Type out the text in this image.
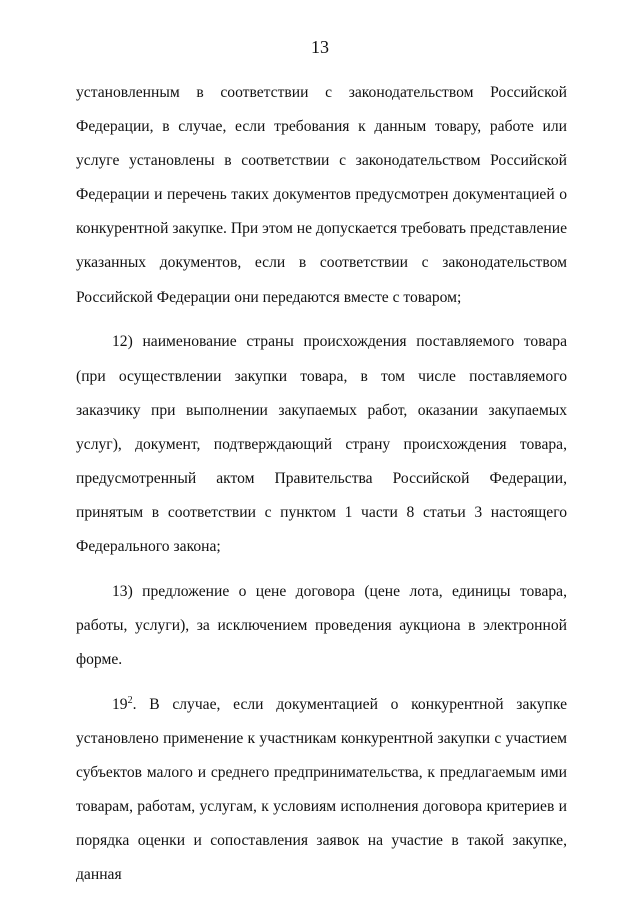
13

установленным в соответствии с законодательством Российской Федерации, в случае, если требования к данным товару, работе или услуге установлены в соответствии с законодательством Российской Федерации и перечень таких документов предусмотрен документацией о конкурентной закупке. При этом не допускается требовать представление указанных документов, если в соответствии с законодательством Российской Федерации они передаются вместе с товаром;

12) наименование страны происхождения поставляемого товара (при осуществлении закупки товара, в том числе поставляемого заказчику при выполнении закупаемых работ, оказании закупаемых услуг), документ, подтверждающий страну происхождения товара, предусмотренный актом Правительства Российской Федерации, принятым в соответствии с пунктом 1 части 8 статьи 3 настоящего Федерального закона;

13) предложение о цене договора (цене лота, единицы товара, работы, услуги), за исключением проведения аукциона в электронной форме.

$19^2$. В случае, если документацией о конкурентной закупке установлено применение к участникам конкурентной закупки с участием субъектов малого и среднего предпринимательства, к предлагаемым ими товарам, работам, услугам, к условиям исполнения договора критериев и порядка оценки и сопоставления заявок на участие в такой закупке, данная
